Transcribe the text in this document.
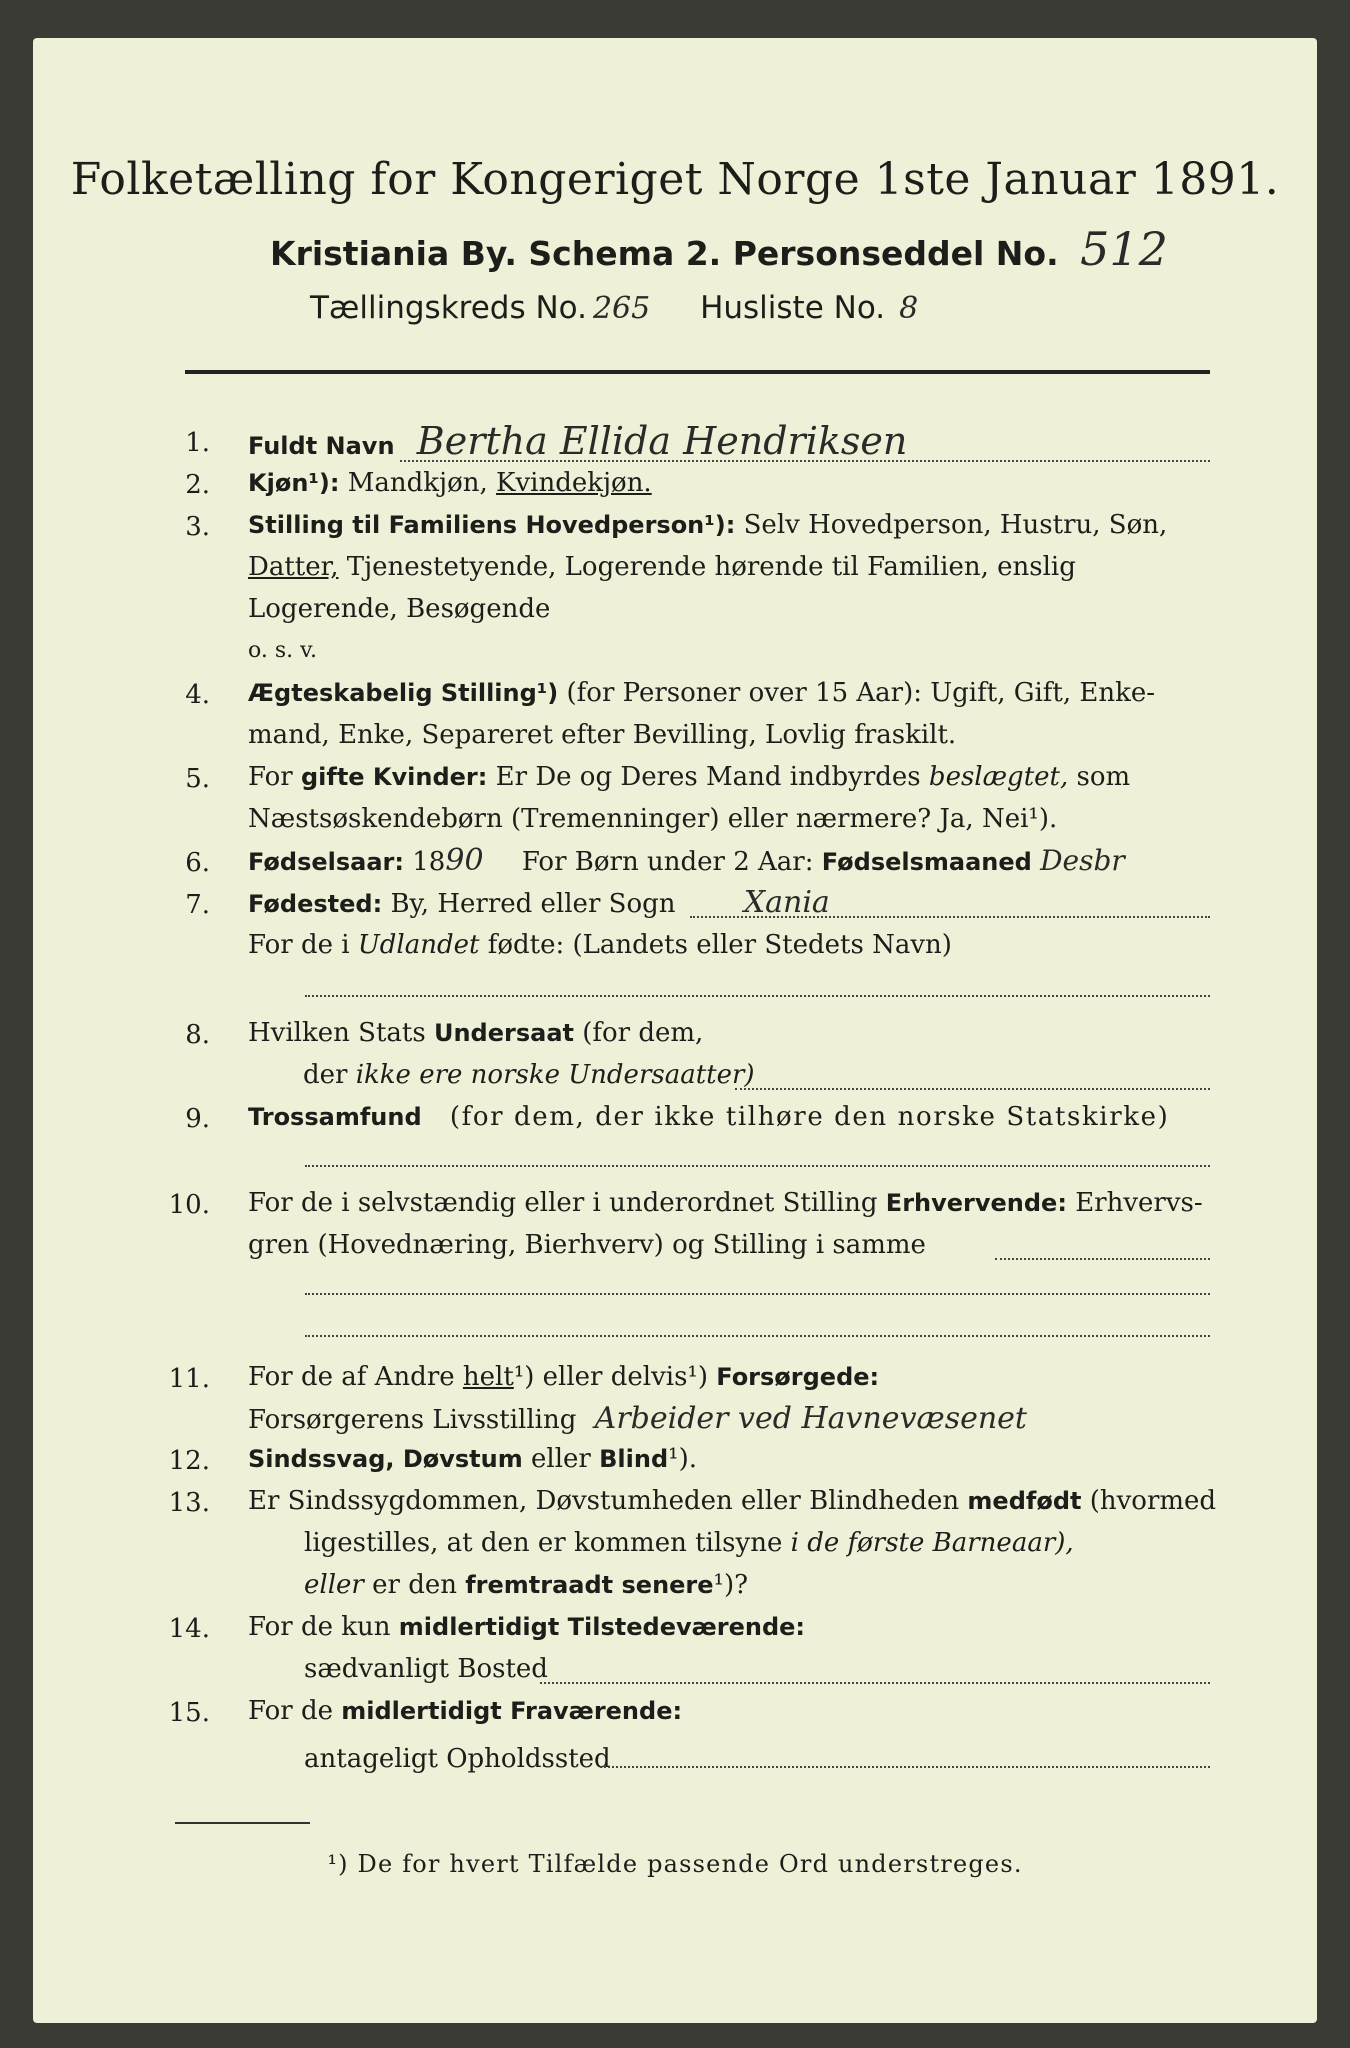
Folketælling for Kongeriget Norge 1ste Januar 1891.
Kristiania By. Schema 2. Personseddel No. 512
Tællingskreds No. 265 Husliste No. 8
1. Fuldt Navn Bertha Ellida Hendriksen
2. Kjøn¹): Mandkjøn, Kvindekjøn.
3. Stilling til Familiens Hovedperson¹): Selv Hovedperson, Hustru, Søn,
Datter, Tjenestetyende, Logerende hørende til Familien, enslig
Logerende, Besøgende
o. s. v.
4. Ægteskabelig Stilling¹) (for Personer over 15 Aar): Ugift, Gift, Enke-
mand, Enke, Separeret efter Bevilling, Lovlig fraskilt.
5. For gifte Kvinder: Er De og Deres Mand indbyrdes beslægtet, som
Næstsøskendebørn (Tremenninger) eller nærmere? Ja, Nei¹).
6. Fødselsaar: 1890 For Børn under 2 Aar: Fødselsmaaned Desbr
7. Fødested: By, Herred eller Sogn Xania
For de i Udlandet fødte: (Landets eller Stedets Navn)
8. Hvilken Stats Undersaat (for dem,
der ikke ere norske Undersaatter)
9. Trossamfund (for dem, der ikke tilhøre den norske Statskirke)
10. For de i selvstændig eller i underordnet Stilling Erhvervende: Erhvervs-
gren (Hovednæring, Bierhverv) og Stilling i samme
11. For de af Andre helt¹) eller delvis¹) Forsørgede:
Forsørgerens Livsstilling Arbeider ved Havnevæsenet
12. Sindssvag, Døvstum eller Blind¹).
13. Er Sindssygdommen, Døvstumheden eller Blindheden medfødt (hvormed
ligestilles, at den er kommen tilsyne i de første Barneaar),
eller er den fremtraadt senere¹)?
14. For de kun midlertidigt Tilstedeværende:
sædvanligt Bosted
15. For de midlertidigt Fraværende:
antageligt Opholdssted
¹) De for hvert Tilfælde passende Ord understreges.
